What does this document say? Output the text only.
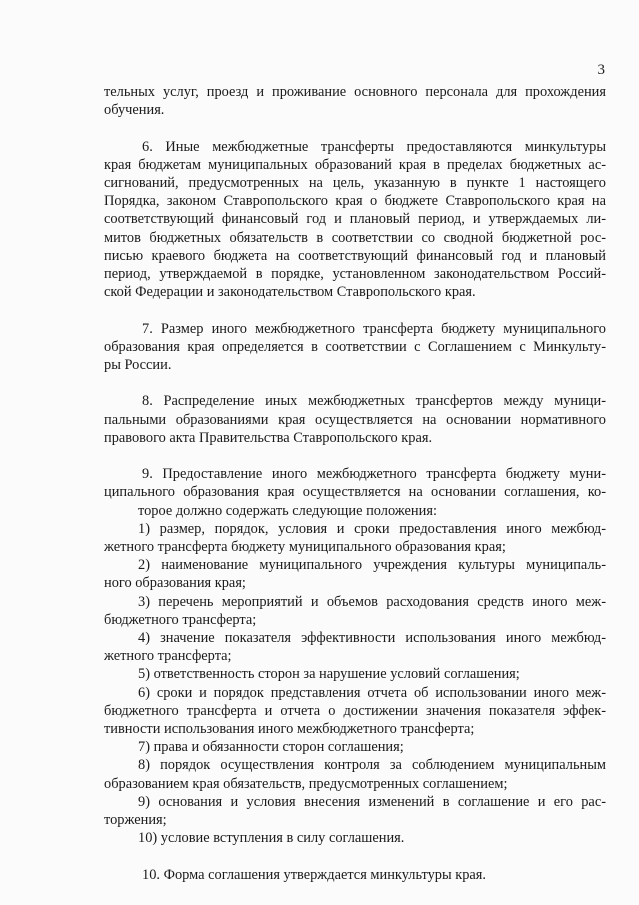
3
тельных услуг, проезд и проживание основного персонала для прохождения
обучения.
6. Иные межбюджетные трансферты предоставляются минкультуры
края бюджетам муниципальных образований края в пределах бюджетных ас-
сигнований, предусмотренных на цель, указанную в пункте 1 настоящего
Порядка, законом Ставропольского края о бюджете Ставропольского края на
соответствующий финансовый год и плановый период, и утверждаемых ли-
митов бюджетных обязательств в соответствии со сводной бюджетной рос-
писью краевого бюджета на соответствующий финансовый год и плановый
период, утверждаемой в порядке, установленном законодательством Россий-
ской Федерации и законодательством Ставропольского края.
7. Размер иного межбюджетного трансферта бюджету муниципального
образования края определяется в соответствии с Соглашением с Минкульту-
ры России.
8. Распределение иных межбюджетных трансфертов между муници-
пальными образованиями края осуществляется на основании нормативного
правового акта Правительства Ставропольского края.
9. Предоставление иного межбюджетного трансферта бюджету муни-
ципального образования края осуществляется на основании соглашения, ко-
торое должно содержать следующие положения:
1) размер, порядок, условия и сроки предоставления иного межбюд-
жетного трансферта бюджету муниципального образования края;
2) наименование муниципального учреждения культуры муниципаль-
ного образования края;
3) перечень мероприятий и объемов расходования средств иного меж-
бюджетного трансферта;
4) значение показателя эффективности использования иного межбюд-
жетного трансферта;
5) ответственность сторон за нарушение условий соглашения;
6) сроки и порядок представления отчета об использовании иного меж-
бюджетного трансферта и отчета о достижении значения показателя эффек-
тивности использования иного межбюджетного трансферта;
7) права и обязанности сторон соглашения;
8) порядок осуществления контроля за соблюдением муниципальным
образованием края обязательств, предусмотренных соглашением;
9) основания и условия внесения изменений в соглашение и его рас-
торжения;
10) условие вступления в силу соглашения.
10. Форма соглашения утверждается минкультуры края.
